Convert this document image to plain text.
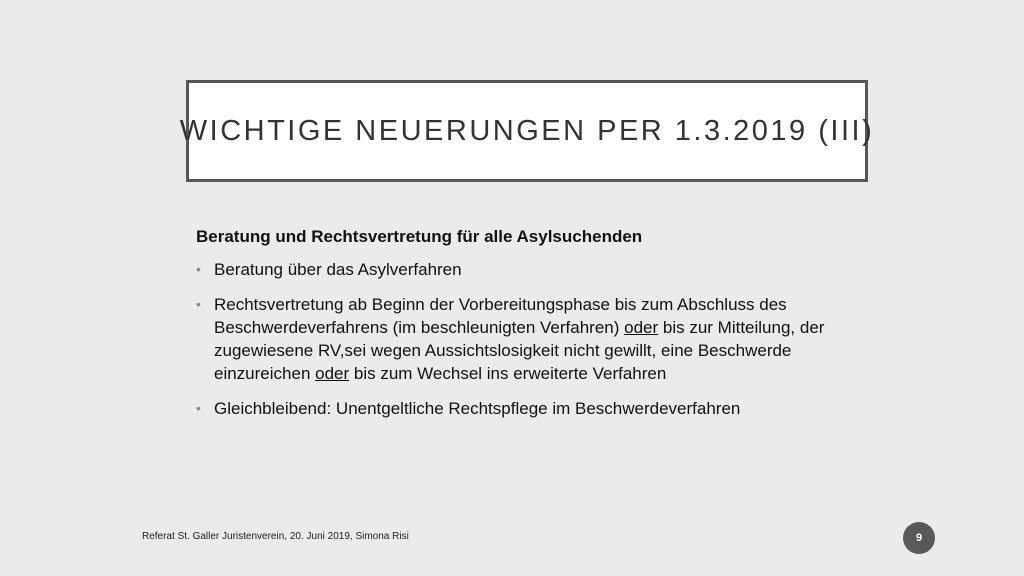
WICHTIGE NEUERUNGEN PER 1.3.2019 (III)
Beratung und Rechtsvertretung für alle Asylsuchenden
• Beratung über das Asylverfahren
• Rechtsvertretung ab Beginn der Vorbereitungsphase bis zum Abschluss des Beschwerdeverfahrens (im beschleunigten Verfahren) oder bis zur Mitteilung, der zugewiesene RV,sei wegen Aussichtslosigkeit nicht gewillt, eine Beschwerde einzureichen oder bis zum Wechsel ins erweiterte Verfahren
• Gleichbleibend: Unentgeltliche Rechtspflege im Beschwerdeverfahren
Referat St. Galler Juristenverein, 20. Juni 2019, Simona Risi	9
